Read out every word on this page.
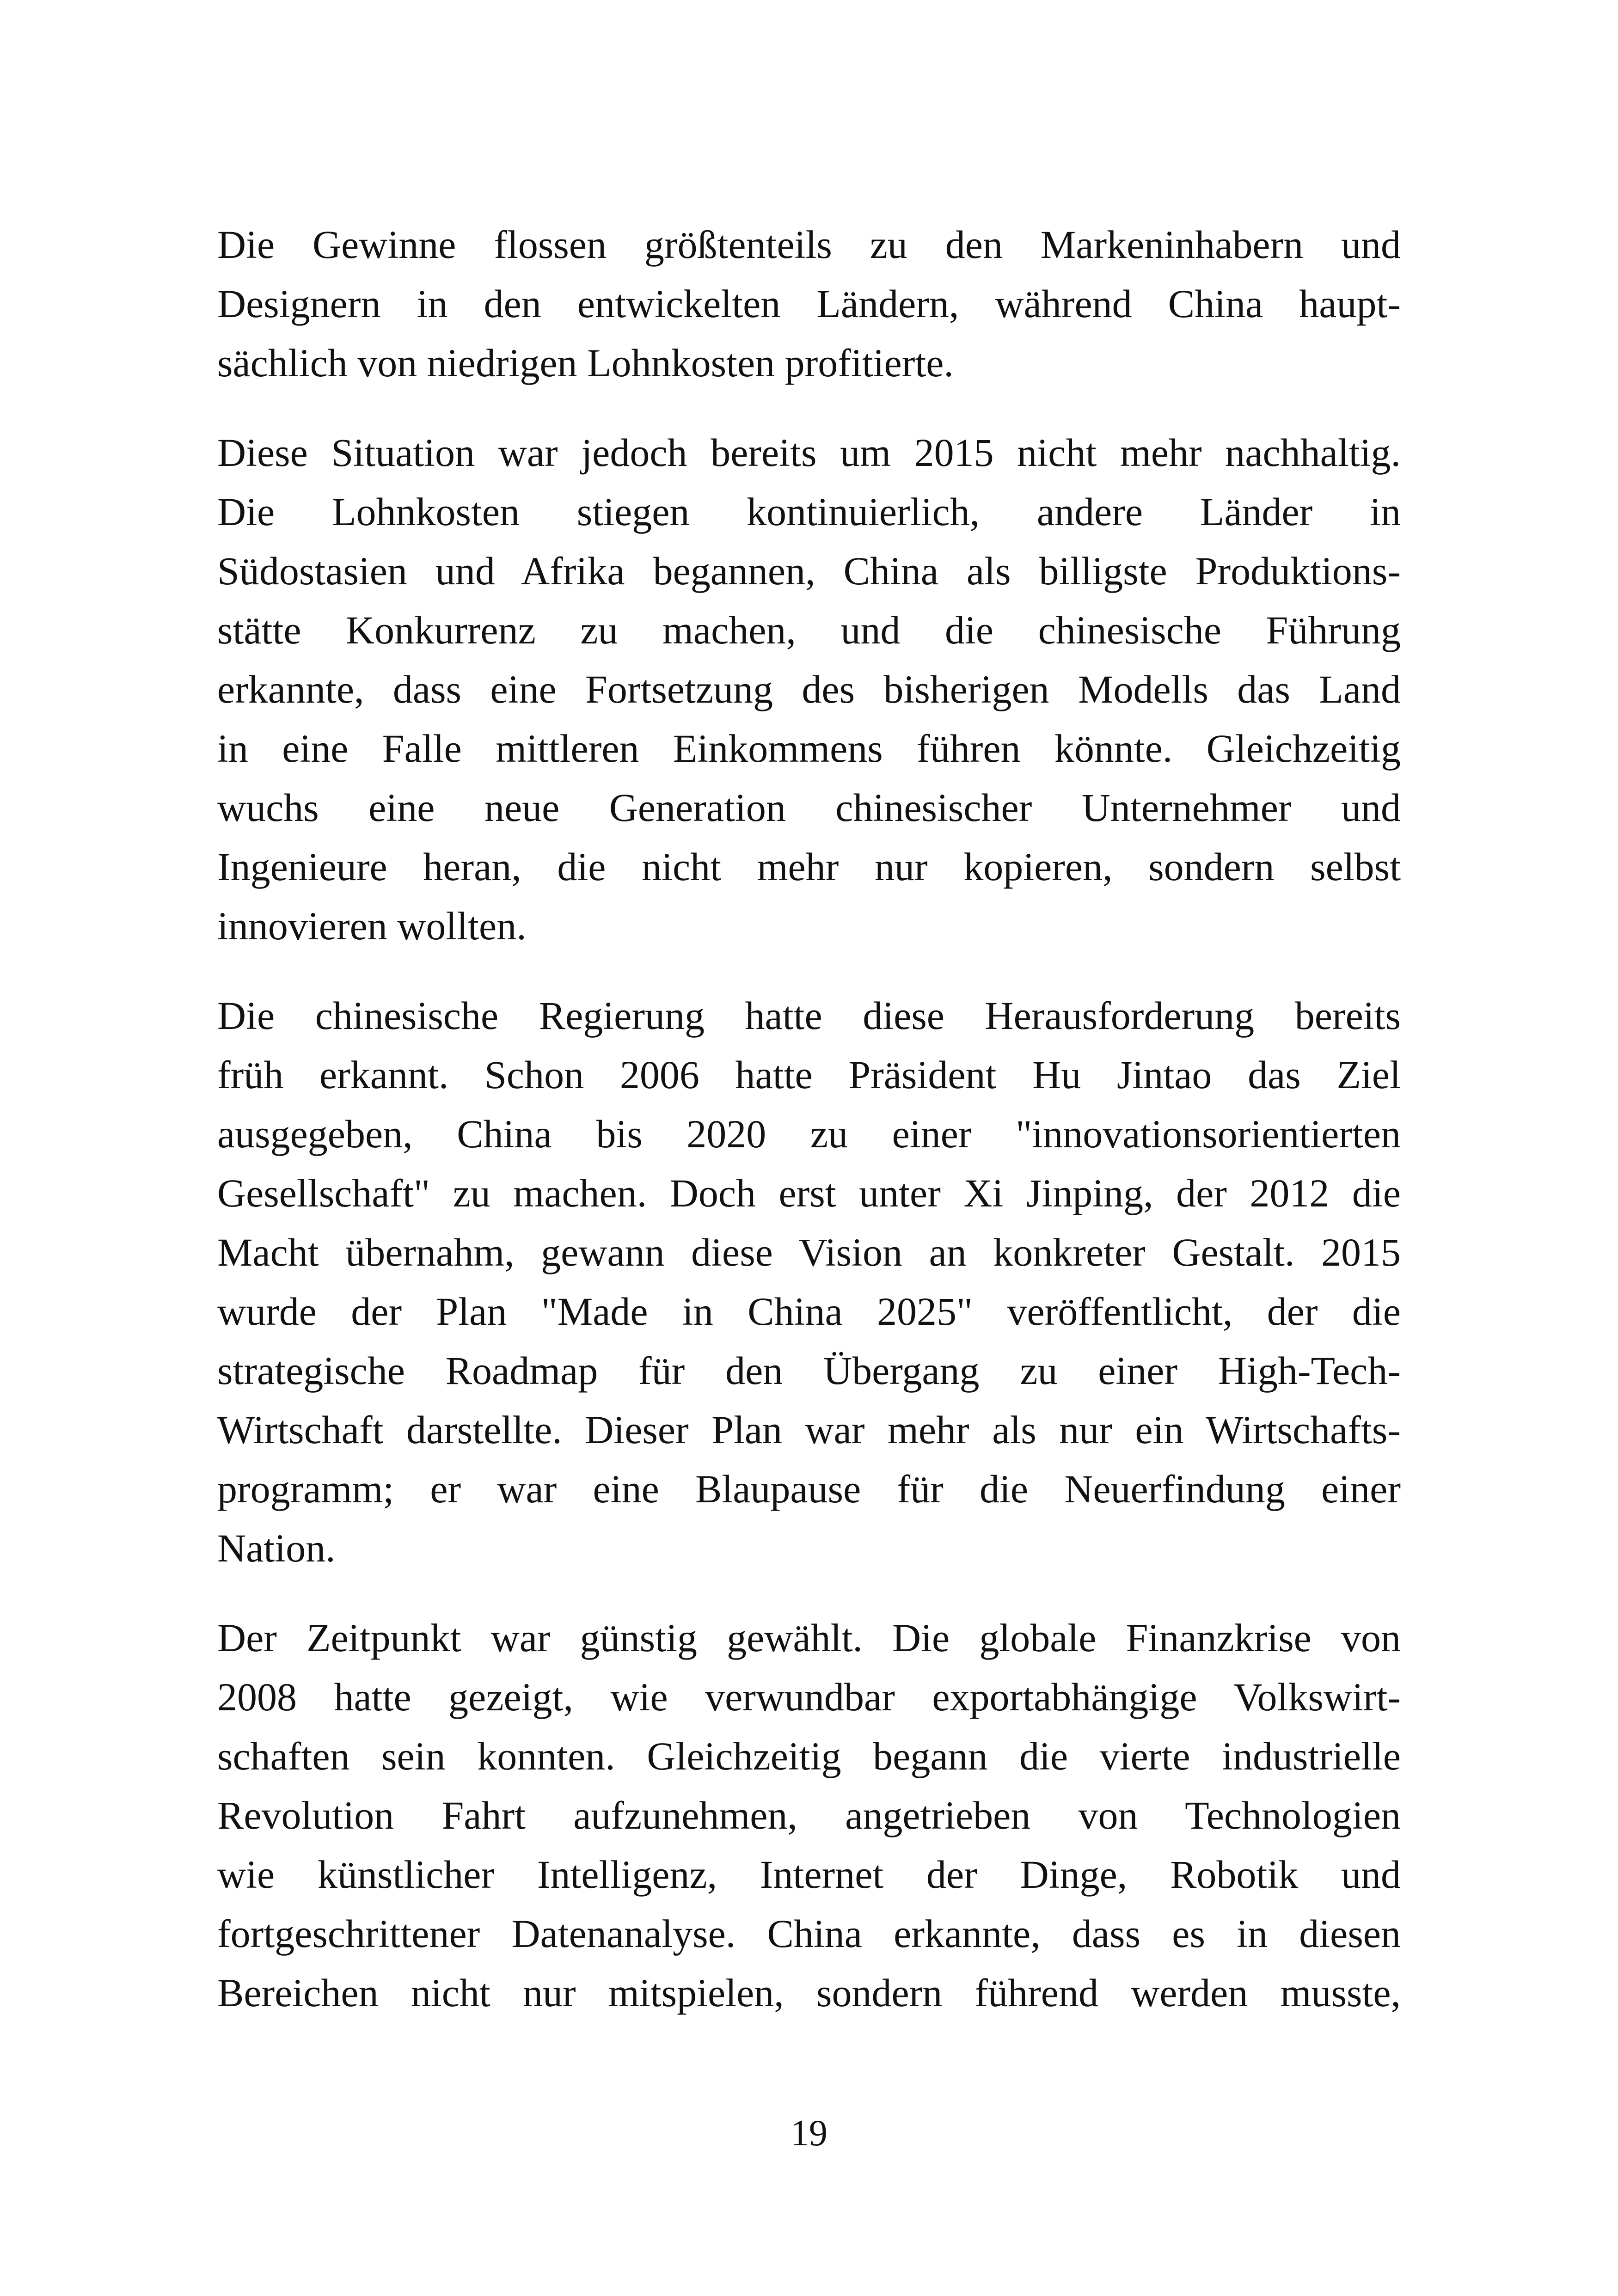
Die Gewinne flossen größtenteils zu den Markeninhabern und
Designern in den entwickelten Ländern, während China haupt-
sächlich von niedrigen Lohnkosten profitierte.
Diese Situation war jedoch bereits um 2015 nicht mehr nachhaltig.
Die Lohnkosten stiegen kontinuierlich, andere Länder in
Südostasien und Afrika begannen, China als billigste Produktions-
stätte Konkurrenz zu machen, und die chinesische Führung
erkannte, dass eine Fortsetzung des bisherigen Modells das Land
in eine Falle mittleren Einkommens führen könnte. Gleichzeitig
wuchs eine neue Generation chinesischer Unternehmer und
Ingenieure heran, die nicht mehr nur kopieren, sondern selbst
innovieren wollten.
Die chinesische Regierung hatte diese Herausforderung bereits
früh erkannt. Schon 2006 hatte Präsident Hu Jintao das Ziel
ausgegeben, China bis 2020 zu einer "innovationsorientierten
Gesellschaft" zu machen. Doch erst unter Xi Jinping, der 2012 die
Macht übernahm, gewann diese Vision an konkreter Gestalt. 2015
wurde der Plan "Made in China 2025" veröffentlicht, der die
strategische Roadmap für den Übergang zu einer High-Tech-
Wirtschaft darstellte. Dieser Plan war mehr als nur ein Wirtschafts-
programm; er war eine Blaupause für die Neuerfindung einer
Nation.
Der Zeitpunkt war günstig gewählt. Die globale Finanzkrise von
2008 hatte gezeigt, wie verwundbar exportabhängige Volkswirt-
schaften sein konnten. Gleichzeitig begann die vierte industrielle
Revolution Fahrt aufzunehmen, angetrieben von Technologien
wie künstlicher Intelligenz, Internet der Dinge, Robotik und
fortgeschrittener Datenanalyse. China erkannte, dass es in diesen
Bereichen nicht nur mitspielen, sondern führend werden musste,
19
